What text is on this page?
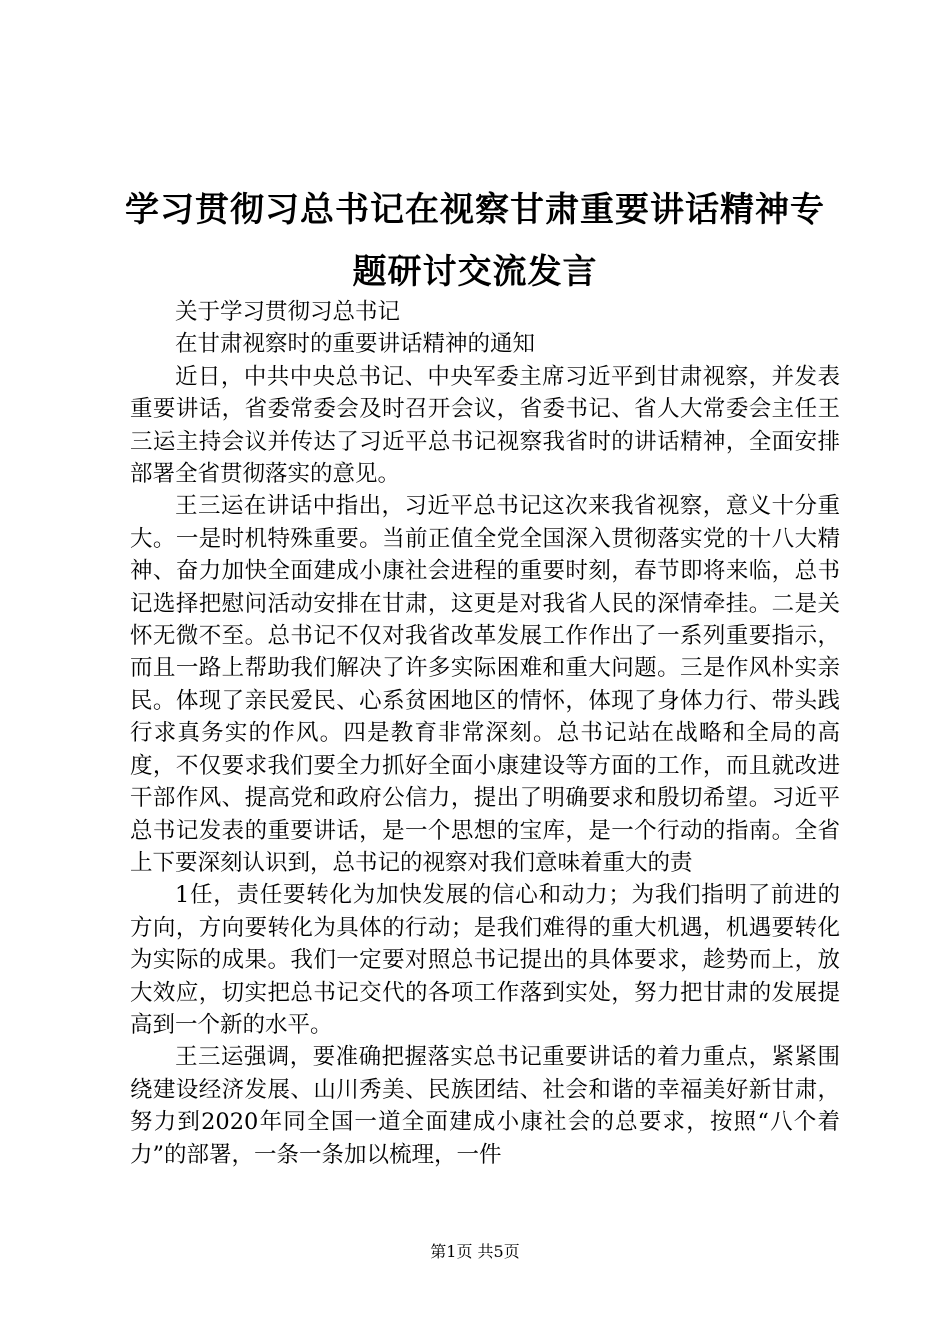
学习贯彻习总书记在视察甘肃重要讲话精神专
题研讨交流发言

关于学习贯彻习总书记

在甘肃视察时的重要讲话精神的通知

近日，中共中央总书记、中央军委主席习近平到甘肃视察，并发表重要讲话，省委常委会及时召开会议，省委书记、省人大常委会主任王三运主持会议并传达了习近平总书记视察我省时的讲话精神，全面安排部署全省贯彻落实的意见。

王三运在讲话中指出，习近平总书记这次来我省视察，意义十分重大。一是时机特殊重要。当前正值全党全国深入贯彻落实党的十八大精神、奋力加快全面建成小康社会进程的重要时刻，春节即将来临，总书记选择把慰问活动安排在甘肃，这更是对我省人民的深情牵挂。二是关怀无微不至。总书记不仅对我省改革发展工作作出了一系列重要指示，而且一路上帮助我们解决了许多实际困难和重大问题。三是作风朴实亲民。体现了亲民爱民、心系贫困地区的情怀，体现了身体力行、带头践行求真务实的作风。四是教育非常深刻。总书记站在战略和全局的高度，不仅要求我们要全力抓好全面小康建设等方面的工作，而且就改进干部作风、提高党和政府公信力，提出了明确要求和殷切希望。习近平总书记发表的重要讲话，是一个思想的宝库，是一个行动的指南。全省上下要深刻认识到，总书记的视察对我们意味着重大的责

1任，责任要转化为加快发展的信心和动力；为我们指明了前进的方向，方向要转化为具体的行动；是我们难得的重大机遇，机遇要转化为实际的成果。我们一定要对照总书记提出的具体要求，趁势而上，放大效应，切实把总书记交代的各项工作落到实处，努力把甘肃的发展提高到一个新的水平。

王三运强调，要准确把握落实总书记重要讲话的着力重点，紧紧围绕建设经济发展、山川秀美、民族团结、社会和谐的幸福美好新甘肃，努力到2020年同全国一道全面建成小康社会的总要求，按照“八个着力”的部署，一条一条加以梳理，一件

第1页 共5页
